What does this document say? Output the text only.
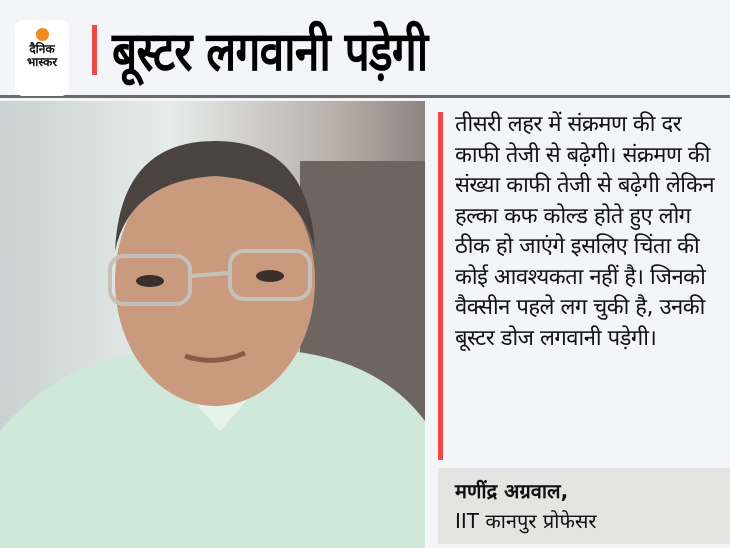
दैनिक
भास्कर बूस्टर लगवानी पड़ेगी
तीसरी लहर में संक्रमण की दर काफी तेजी से बढ़ेगी। संक्रमण की संख्या काफी तेजी से बढ़ेगी लेकिन हल्का कफ कोल्ड होते हुए लोग ठीक हो जाएंगे इसलिए चिंता की कोई आवश्यकता नहीं है। जिनको वैक्सीन पहले लग चुकी है, उनकी बूस्टर डोज लगवानी पड़ेगी।
मणींद्र अग्रवाल,
IIT कानपुर प्रोफेसर
